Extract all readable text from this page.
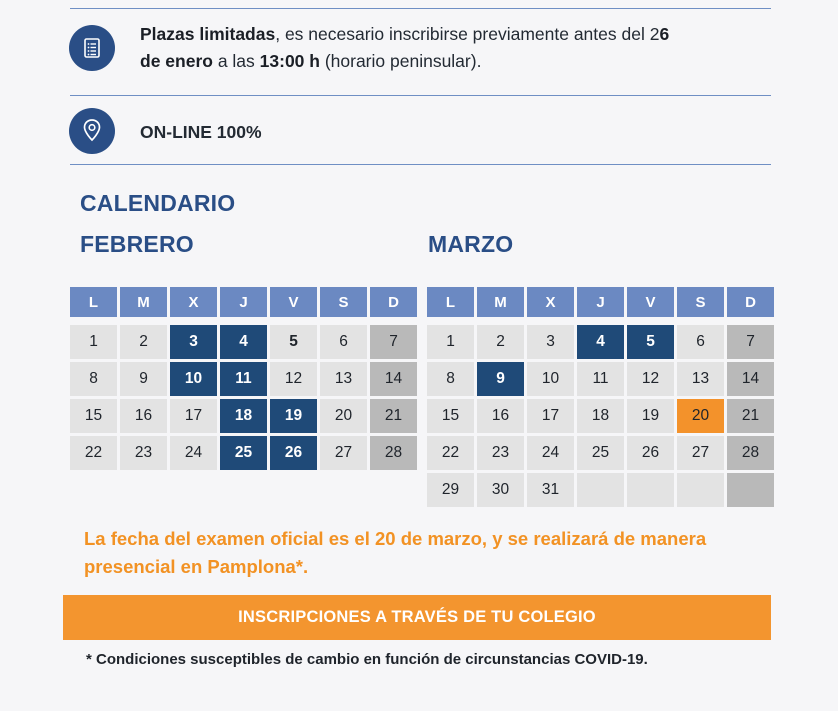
Plazas limitadas, es necesario inscribirse previamente antes del 26
de enero a las 13:00 h (horario peninsular).
ON-LINE 100%
CALENDARIO
FEBRERO	MARZO
L	M	X	J	V	S	D
1	2	3	4	5	6	7
8	9	10	11	12	13	14
15	16	17	18	19	20	21
22	23	24	25	26	27	28
L	M	X	J	V	S	D
1	2	3	4	5	6	7
8	9	10	11	12	13	14
15	16	17	18	19	20	21
22	23	24	25	26	27	28
29	30	31
La fecha del examen oficial es el 20 de marzo, y se realizará de manera presencial en Pamplona*.
INSCRIPCIONES A TRAVÉS DE TU COLEGIO
* Condiciones susceptibles de cambio en función de circunstancias COVID-19.
